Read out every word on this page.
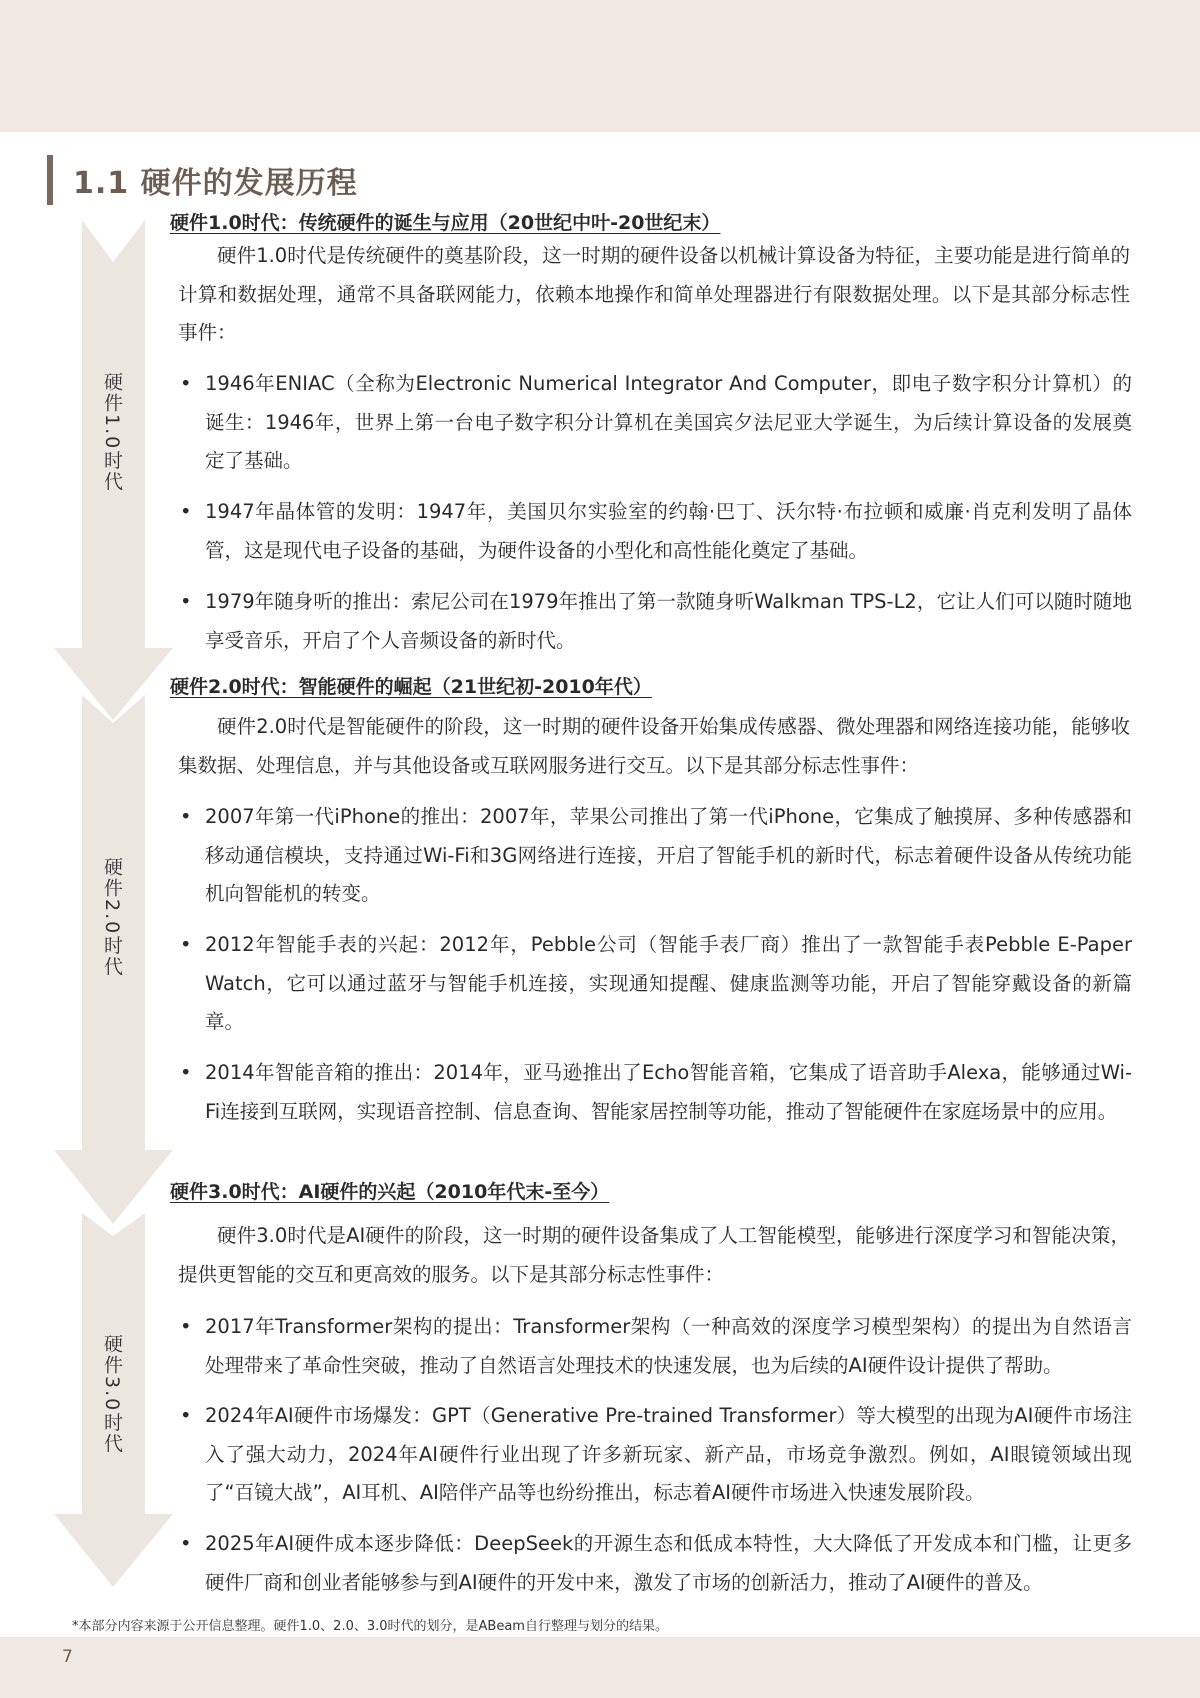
1.1 硬件的发展历程
硬件1.0时代
硬件2.0时代
硬件3.0时代
硬件1.0时代：传统硬件的诞生与应用（20世纪中叶-20世纪末）
硬件1.0时代是传统硬件的奠基阶段，这一时期的硬件设备以机械计算设备为特征，主要功能是进行简单的计算和数据处理，通常不具备联网能力，依赖本地操作和简单处理器进行有限数据处理。以下是其部分标志性事件：
• 1946年ENIAC（全称为Electronic Numerical Integrator And Computer，即电子数字积分计算机）的诞生：1946年，世界上第一台电子数字积分计算机在美国宾夕法尼亚大学诞生，为后续计算设备的发展奠定了基础。
• 1947年晶体管的发明：1947年，美国贝尔实验室的约翰·巴丁、沃尔特·布拉顿和威廉·肖克利发明了晶体管，这是现代电子设备的基础，为硬件设备的小型化和高性能化奠定了基础。
• 1979年随身听的推出：索尼公司在1979年推出了第一款随身听Walkman TPS-L2，它让人们可以随时随地享受音乐，开启了个人音频设备的新时代。
硬件2.0时代：智能硬件的崛起（21世纪初-2010年代）
硬件2.0时代是智能硬件的阶段，这一时期的硬件设备开始集成传感器、微处理器和网络连接功能，能够收集数据、处理信息，并与其他设备或互联网服务进行交互。以下是其部分标志性事件：
• 2007年第一代iPhone的推出：2007年，苹果公司推出了第一代iPhone，它集成了触摸屏、多种传感器和移动通信模块，支持通过Wi-Fi和3G网络进行连接，开启了智能手机的新时代，标志着硬件设备从传统功能机向智能机的转变。
• 2012年智能手表的兴起：2012年，Pebble公司（智能手表厂商）推出了一款智能手表Pebble E-Paper Watch，它可以通过蓝牙与智能手机连接，实现通知提醒、健康监测等功能，开启了智能穿戴设备的新篇章。
• 2014年智能音箱的推出：2014年，亚马逊推出了Echo智能音箱，它集成了语音助手Alexa，能够通过Wi-Fi连接到互联网，实现语音控制、信息查询、智能家居控制等功能，推动了智能硬件在家庭场景中的应用。
硬件3.0时代：AI硬件的兴起（2010年代末-至今）
硬件3.0时代是AI硬件的阶段，这一时期的硬件设备集成了人工智能模型，能够进行深度学习和智能决策，提供更智能的交互和更高效的服务。以下是其部分标志性事件：
• 2017年Transformer架构的提出：Transformer架构（一种高效的深度学习模型架构）的提出为自然语言处理带来了革命性突破，推动了自然语言处理技术的快速发展，也为后续的AI硬件设计提供了帮助。
• 2024年AI硬件市场爆发：GPT（Generative Pre-trained Transformer）等大模型的出现为AI硬件市场注入了强大动力，2024年AI硬件行业出现了许多新玩家、新产品，市场竞争激烈。例如，AI眼镜领域出现了“百镜大战”，AI耳机、AI陪伴产品等也纷纷推出，标志着AI硬件市场进入快速发展阶段。
• 2025年AI硬件成本逐步降低：DeepSeek的开源生态和低成本特性，大大降低了开发成本和门槛，让更多硬件厂商和创业者能够参与到AI硬件的开发中来，激发了市场的创新活力，推动了AI硬件的普及。
*本部分内容来源于公开信息整理。硬件1.0、2.0、3.0时代的划分，是ABeam自行整理与划分的结果。
7
